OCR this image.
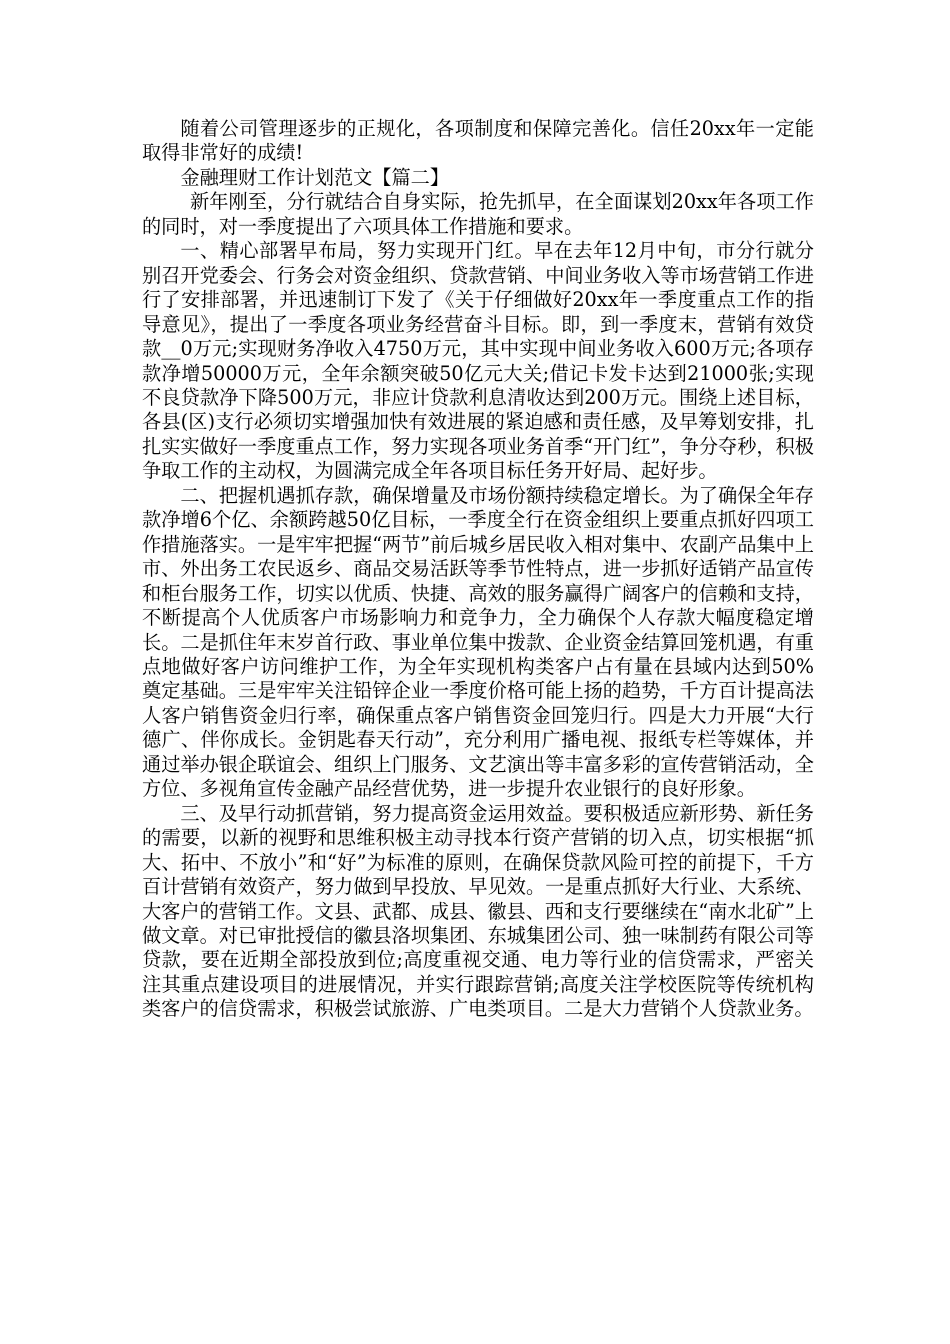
随着公司管理逐步的正规化，各项制度和保障完善化。信任20xx年一定能取得非常好的成绩!

金融理财工作计划范文【篇二】

新年刚至，分行就结合自身实际，抢先抓早，在全面谋划20xx年各项工作的同时，对一季度提出了六项具体工作措施和要求。

一、精心部署早布局，努力实现开门红。早在去年12月中旬，市分行就分别召开党委会、行务会对资金组织、贷款营销、中间业务收入等市场营销工作进行了安排部署，并迅速制订下发了《关于仔细做好20xx年一季度重点工作的指导意见》，提出了一季度各项业务经营奋斗目标。即，到一季度末，营销有效贷款__0万元;实现财务净收入4750万元，其中实现中间业务收入600万元;各项存款净增50000万元，全年余额突破50亿元大关;借记卡发卡达到21000张;实现不良贷款净下降500万元，非应计贷款利息清收达到200万元。围绕上述目标，各县(区)支行必须切实增强加快有效进展的紧迫感和责任感，及早筹划安排，扎扎实实做好一季度重点工作，努力实现各项业务首季“开门红”，争分夺秒，积极争取工作的主动权，为圆满完成全年各项目标任务开好局、起好步。

二、把握机遇抓存款，确保增量及市场份额持续稳定增长。为了确保全年存款净增6个亿、余额跨越50亿目标，一季度全行在资金组织上要重点抓好四项工作措施落实。一是牢牢把握“两节”前后城乡居民收入相对集中、农副产品集中上市、外出务工农民返乡、商品交易活跃等季节性特点，进一步抓好适销产品宣传和柜台服务工作，切实以优质、快捷、高效的服务赢得广阔客户的信赖和支持，不断提高个人优质客户市场影响力和竞争力，全力确保个人存款大幅度稳定增长。二是抓住年末岁首行政、事业单位集中拨款、企业资金结算回笼机遇，有重点地做好客户访问维护工作，为全年实现机构类客户占有量在县域内达到50%奠定基础。三是牢牢关注铅锌企业一季度价格可能上扬的趋势，千方百计提高法人客户销售资金归行率，确保重点客户销售资金回笼归行。四是大力开展“大行德广、伴你成长。金钥匙春天行动”，充分利用广播电视、报纸专栏等媒体，并通过举办银企联谊会、组织上门服务、文艺演出等丰富多彩的宣传营销活动，全方位、多视角宣传金融产品经营优势，进一步提升农业银行的良好形象。

三、及早行动抓营销，努力提高资金运用效益。要积极适应新形势、新任务的需要，以新的视野和思维积极主动寻找本行资产营销的切入点，切实根据“抓大、拓中、不放小”和“好”为标准的原则，在确保贷款风险可控的前提下，千方百计营销有效资产，努力做到早投放、早见效。一是重点抓好大行业、大系统、大客户的营销工作。文县、武都、成县、徽县、西和支行要继续在“南水北矿”上做文章。对已审批授信的徽县洛坝集团、东城集团公司、独一味制药有限公司等贷款，要在近期全部投放到位;高度重视交通、电力等行业的信贷需求，严密关注其重点建设项目的进展情况，并实行跟踪营销;高度关注学校医院等传统机构类客户的信贷需求，积极尝试旅游、广电类项目。二是大力营销个人贷款业务。
